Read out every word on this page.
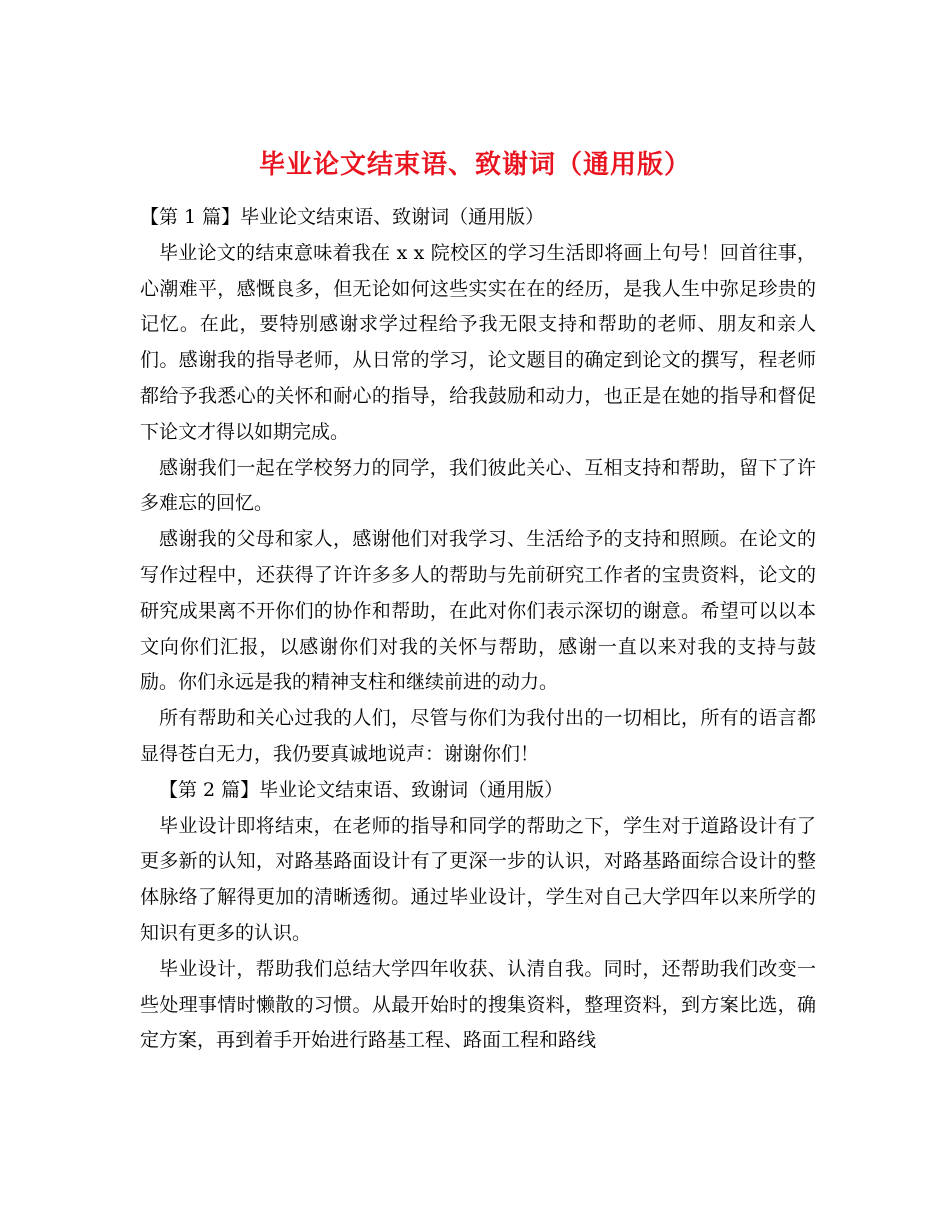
毕业论文结束语、致谢词（通用版）

【第 1 篇】毕业论文结束语、致谢词（通用版）

毕业论文的结束意味着我在 x x 院校区的学习生活即将画上句号！回首往事，心潮难平，感慨良多，但无论如何这些实实在在的经历，是我人生中弥足珍贵的记忆。在此，要特别感谢求学过程给予我无限支持和帮助的老师、朋友和亲人们。感谢我的指导老师，从日常的学习，论文题目的确定到论文的撰写，程老师都给予我悉心的关怀和耐心的指导，给我鼓励和动力，也正是在她的指导和督促下论文才得以如期完成。

感谢我们一起在学校努力的同学，我们彼此关心、互相支持和帮助，留下了许多难忘的回忆。

感谢我的父母和家人，感谢他们对我学习、生活给予的支持和照顾。在论文的写作过程中，还获得了许许多多人的帮助与先前研究工作者的宝贵资料，论文的研究成果离不开你们的协作和帮助，在此对你们表示深切的谢意。希望可以以本文向你们汇报，以感谢你们对我的关怀与帮助，感谢一直以来对我的支持与鼓励。你们永远是我的精神支柱和继续前进的动力。

所有帮助和关心过我的人们，尽管与你们为我付出的一切相比，所有的语言都显得苍白无力，我仍要真诚地说声：谢谢你们！

【第 2 篇】毕业论文结束语、致谢词（通用版）

毕业设计即将结束，在老师的指导和同学的帮助之下，学生对于道路设计有了更多新的认知，对路基路面设计有了更深一步的认识，对路基路面综合设计的整体脉络了解得更加的清晰透彻。通过毕业设计，学生对自己大学四年以来所学的知识有更多的认识。

毕业设计，帮助我们总结大学四年收获、认清自我。同时，还帮助我们改变一些处理事情时懒散的习惯。从最开始时的搜集资料，整理资料，到方案比选，确定方案，再到着手开始进行路基工程、路面工程和路线
